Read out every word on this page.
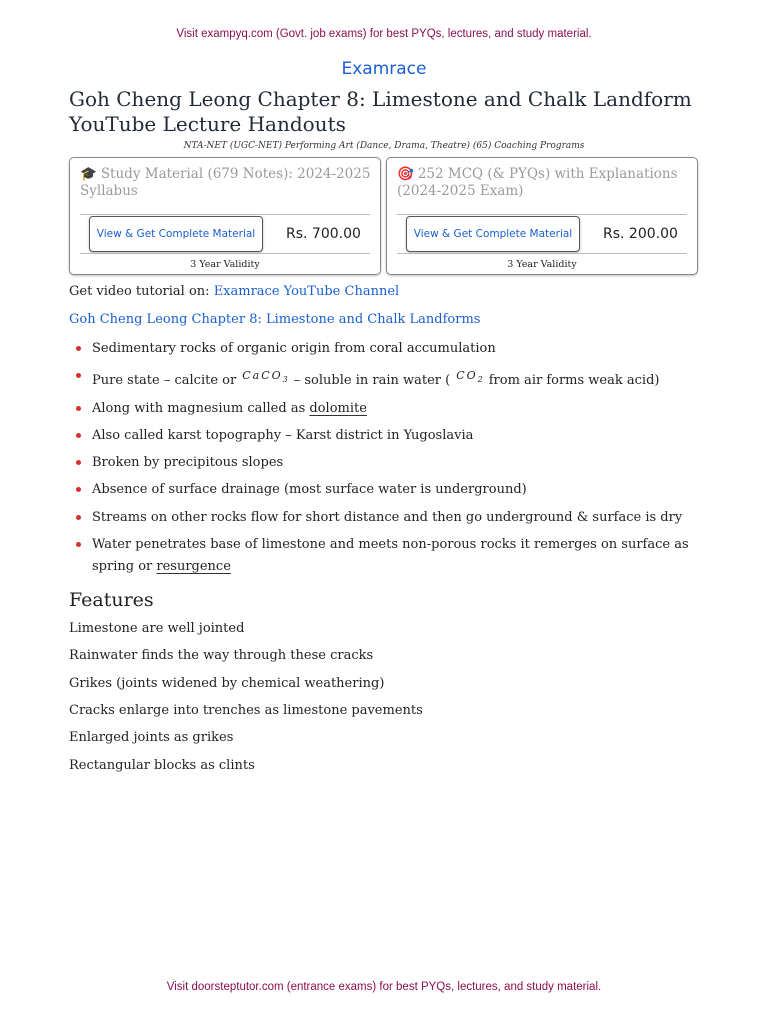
Visit exampyq.com (Govt. job exams) for best PYQs, lectures, and study material.
Examrace
Goh Cheng Leong Chapter 8: Limestone and Chalk Landform YouTube Lecture Handouts
NTA-NET (UGC-NET) Performing Art (Dance, Drama, Theatre) (65) Coaching Programs
🎓 Study Material (679 Notes): 2024-2025 Syllabus
View & Get Complete Material	Rs. 700.00
3 Year Validity
🎯 252 MCQ (& PYQs) with Explanations (2024-2025 Exam)
View & Get Complete Material	Rs. 200.00
3 Year Validity
Get video tutorial on: Examrace YouTube Channel
Goh Cheng Leong Chapter 8: Limestone and Chalk Landforms
Sedimentary rocks of organic origin from coral accumulation
Pure state – calcite or $^{CaCO_3}$ – soluble in rain water ( $^{CO_2}$ from air forms weak acid)
Along with magnesium called as dolomite
Also called karst topography – Karst district in Yugoslavia
Broken by precipitous slopes
Absence of surface drainage (most surface water is underground)
Streams on other rocks flow for short distance and then go underground & surface is dry
Water penetrates base of limestone and meets non-porous rocks it remerges on surface as spring or resurgence
Features
Limestone are well jointed
Rainwater finds the way through these cracks
Grikes (joints widened by chemical weathering)
Cracks enlarge into trenches as limestone pavements
Enlarged joints as grikes
Rectangular blocks as clints
Visit doorsteptutor.com (entrance exams) for best PYQs, lectures, and study material.
